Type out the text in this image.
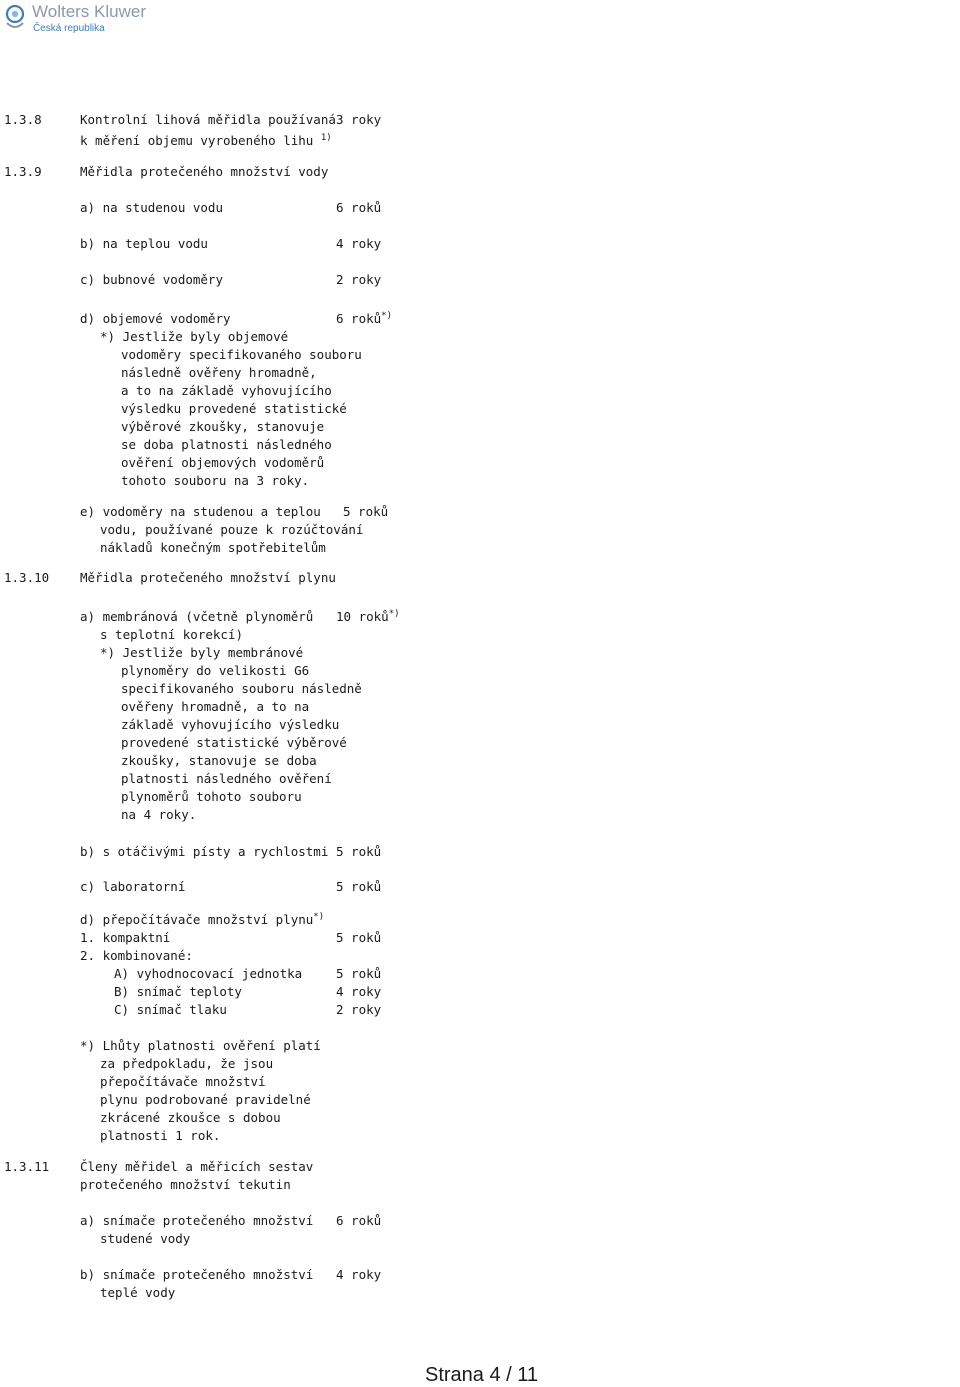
Wolters Kluwer
Česká republika
1.3.8	Kontrolní lihová měřidla používaná 3 roky
k měření objemu vyrobeného lihu $^{1)}$
1.3.9	Měřidla protečeného množství vody
a) na studenou vodu	6 roků
b) na teplou vodu	4 roky
c) bubnové vodoměry	2 roky
d) objemové vodoměry	6 roků*)
*) Jestliže byly objemové
vodoměry specifikovaného souboru
následně ověřeny hromadně,
a to na základě vyhovujícího
výsledku provedené statistické
výběrové zkoušky, stanovuje
se doba platnosti následného
ověření objemových vodoměrů
tohoto souboru na 3 roky.
e) vodoměry na studenou a teplou 5 roků
vodu, používané pouze k rozúčtování
nákladů konečným spotřebitelům
1.3.10 Měřidla protečeného množství plynu
a) membránová (včetně plynoměrů 10 roků*)
s teplotní korekcí)
*) Jestliže byly membránové
plynoměry do velikosti G6
specifikovaného souboru následně
ověřeny hromadně, a to na
základě vyhovujícího výsledku
provedené statistické výběrové
zkoušky, stanovuje se doba
platnosti následného ověření
plynoměrů tohoto souboru
na 4 roky.
b) s otáčivými písty a rychlostmi 5 roků
c) laboratorní	5 roků
d) přepočítávače množství plynu*)
1. kompaktní	5 roků
2. kombinované:
A) vyhodnocovací jednotka	5 roků
B) snímač teploty	4 roky
C) snímač tlaku	2 roky
*) Lhůty platnosti ověření platí
za předpokladu, že jsou
přepočítávače množství
plynu podrobované pravidelné
zkrácené zkoušce s dobou
platnosti 1 rok.
1.3.11 Členy měřidel a měřicích sestav
protečeného množství tekutin
a) snímače protečeného množství 6 roků
studené vody
b) snímače protečeného množství 4 roky
teplé vody
Strana 4 / 11
